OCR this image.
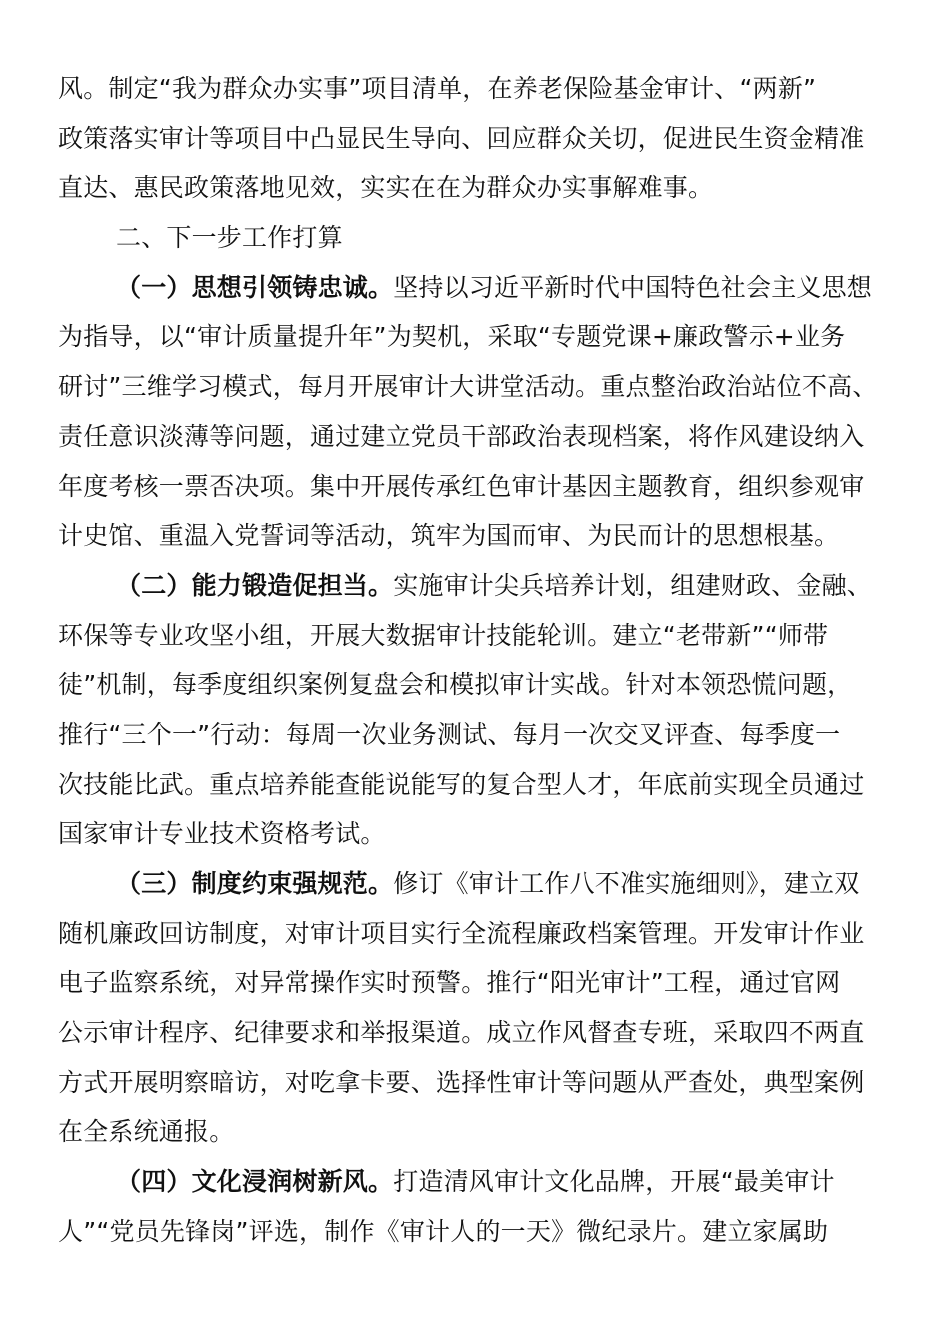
风。制定“我为群众办实事”项目清单，在养老保险基金审计、“两新”
政策落实审计等项目中凸显民生导向、回应群众关切，促进民生资金精准
直达、惠民政策落地见效，实实在在为群众办实事解难事。
二、下一步工作打算
（一）思想引领铸忠诚。坚持以习近平新时代中国特色社会主义思想
为指导，以“审计质量提升年”为契机，采取“专题党课+廉政警示+业务
研讨”三维学习模式，每月开展审计大讲堂活动。重点整治政治站位不高、
责任意识淡薄等问题，通过建立党员干部政治表现档案，将作风建设纳入
年度考核一票否决项。集中开展传承红色审计基因主题教育，组织参观审
计史馆、重温入党誓词等活动，筑牢为国而审、为民而计的思想根基。
（二）能力锻造促担当。实施审计尖兵培养计划，组建财政、金融、
环保等专业攻坚小组，开展大数据审计技能轮训。建立“老带新”“师带
徒”机制，每季度组织案例复盘会和模拟审计实战。针对本领恐慌问题，
推行“三个一”行动：每周一次业务测试、每月一次交叉评查、每季度一
次技能比武。重点培养能查能说能写的复合型人才，年底前实现全员通过
国家审计专业技术资格考试。
（三）制度约束强规范。修订《审计工作八不准实施细则》，建立双
随机廉政回访制度，对审计项目实行全流程廉政档案管理。开发审计作业
电子监察系统，对异常操作实时预警。推行“阳光审计”工程，通过官网
公示审计程序、纪律要求和举报渠道。成立作风督查专班，采取四不两直
方式开展明察暗访，对吃拿卡要、选择性审计等问题从严查处，典型案例
在全系统通报。
（四）文化浸润树新风。打造清风审计文化品牌，开展“最美审计
人”“党员先锋岗”评选，制作《审计人的一天》微纪录片。建立家属助
